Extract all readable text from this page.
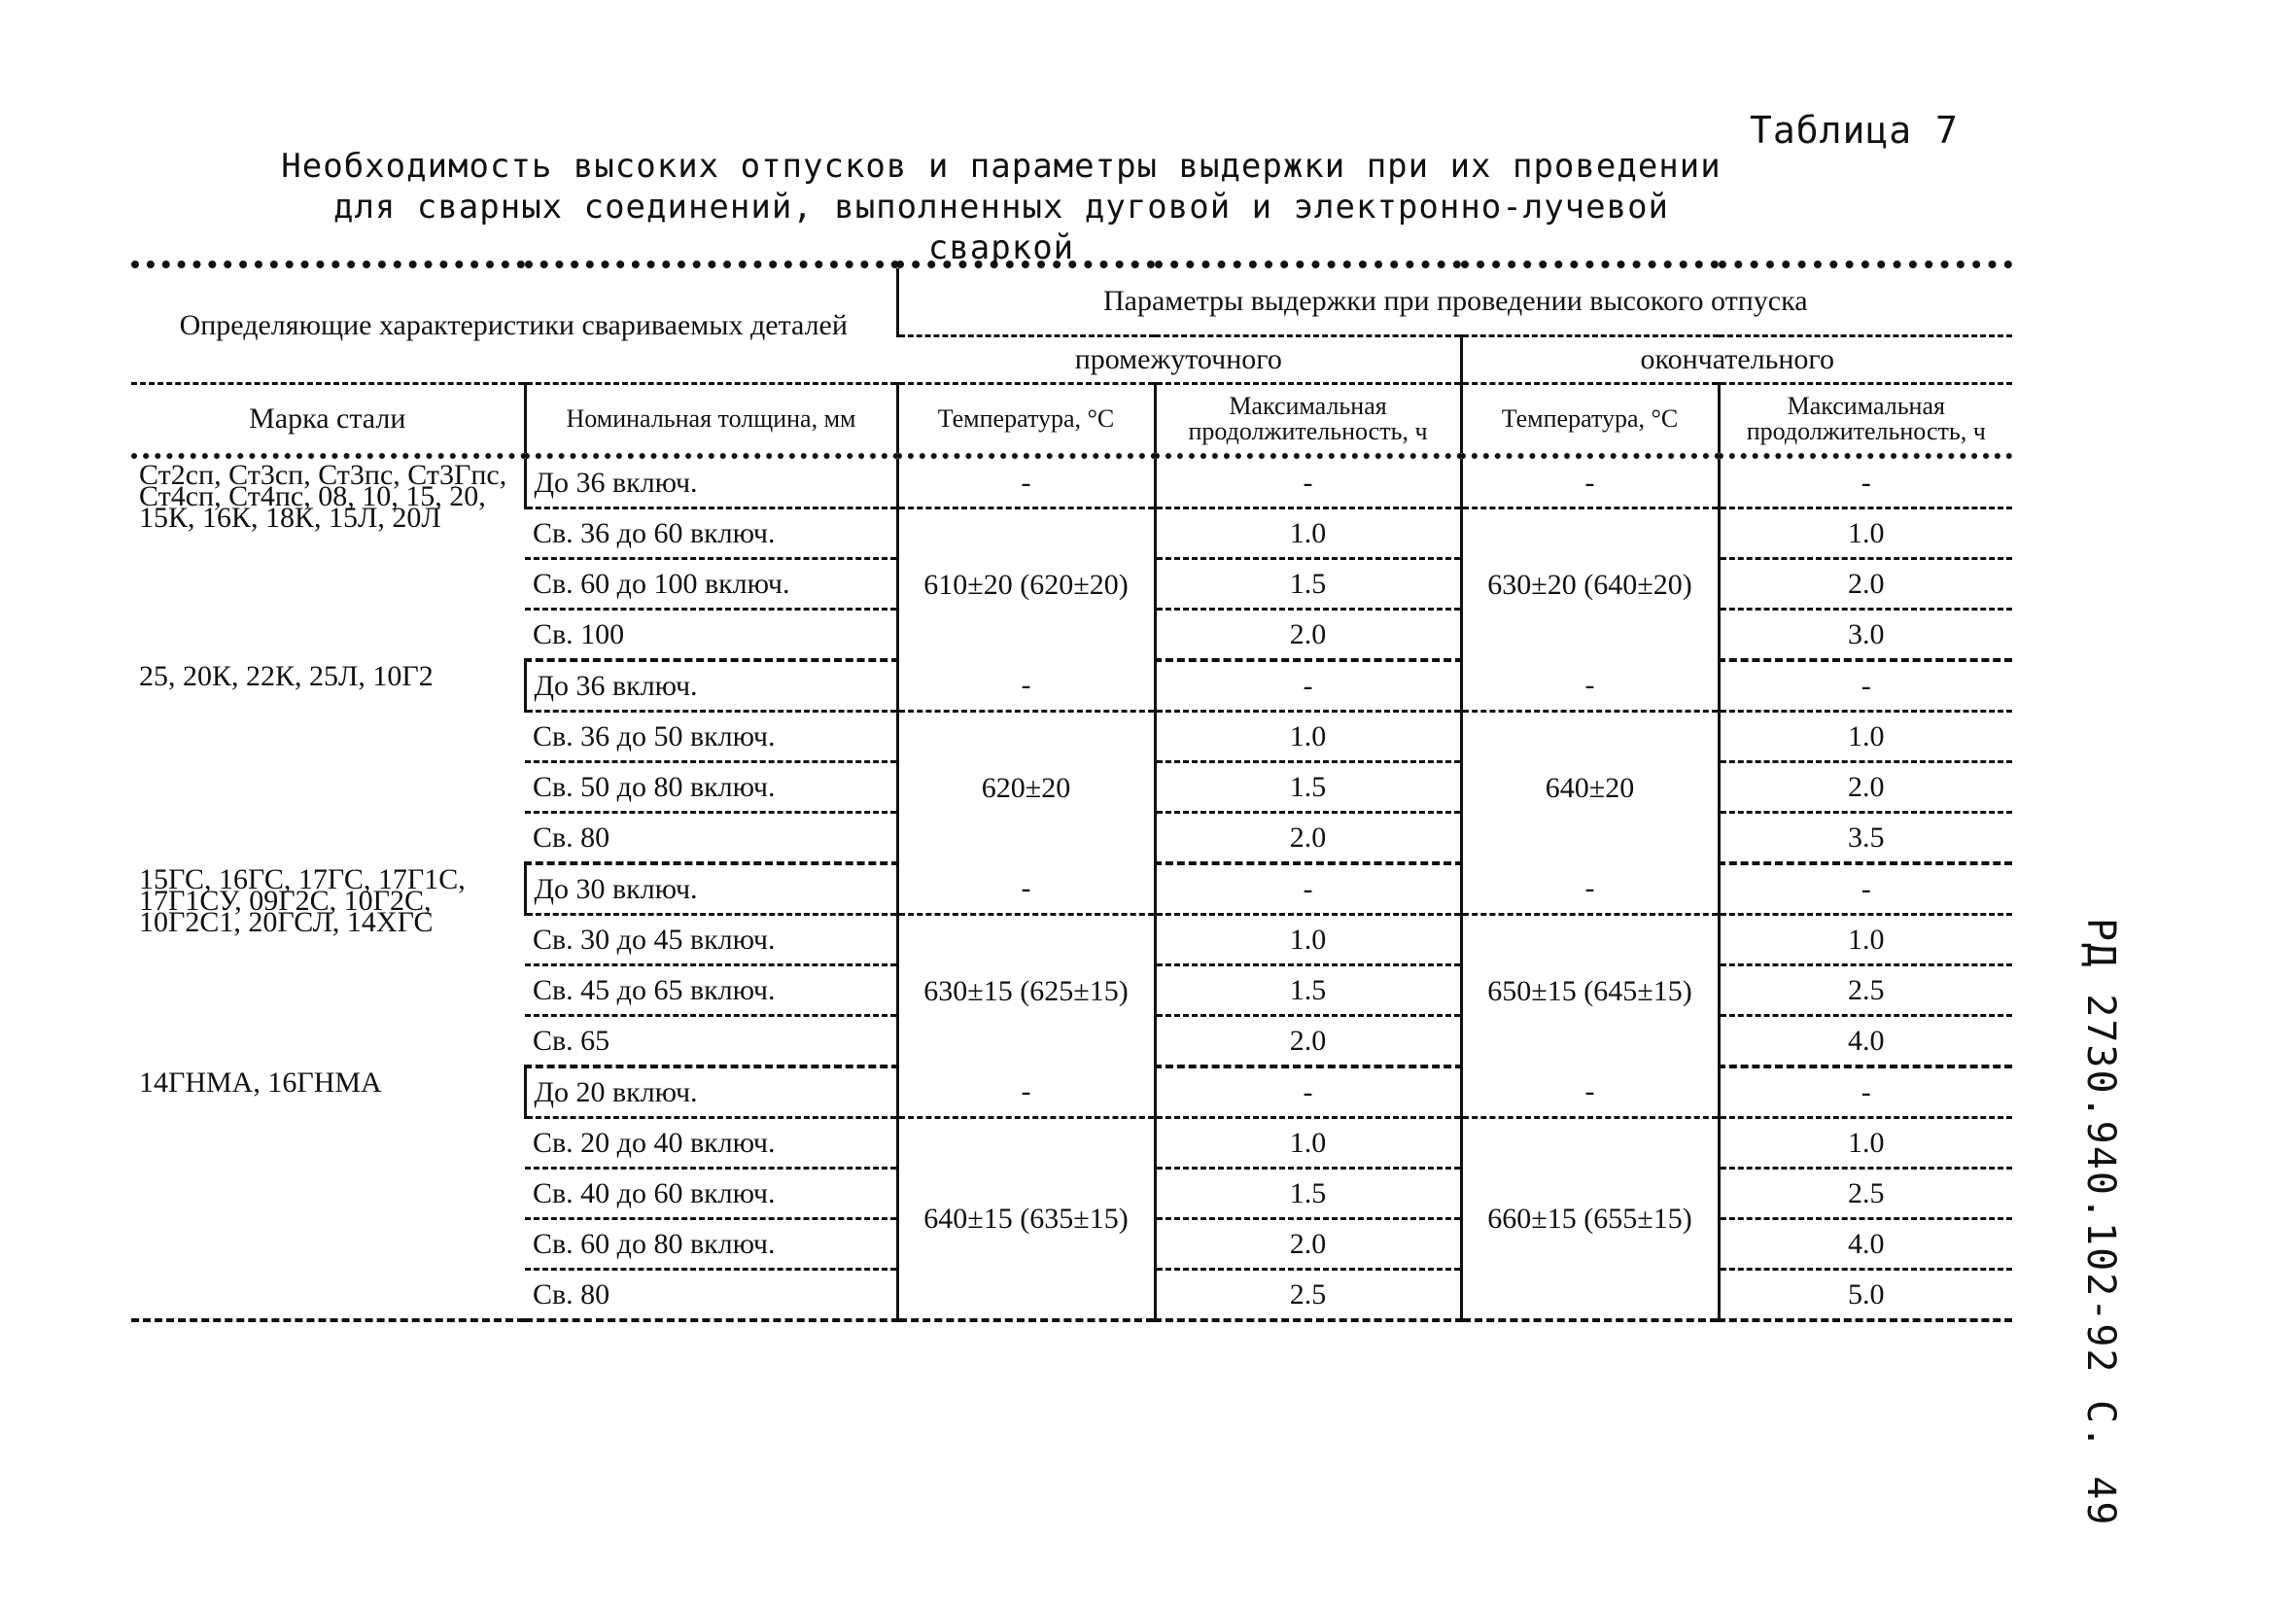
Таблица 7
Необходимость высоких отпусков и параметры выдержки при их проведении
для сварных соединений, выполненных дуговой и электронно-лучевой сваркой
РД 2730.940.102-92
С. 49
Определяющие характеристики свариваемых деталей		Параметры выдержки при проведении высокого отпуска			
		промежуточного		окончательного	
Марка стали	Номинальная толщина, мм	Температура, °С	Максимальная продолжительность, ч	Температура, °С	Максимальная продолжительность, ч
Ст2сп, Ст3сп, Ст3пс, Ст3Гпс, Ст4сп, Ст4пс, 08, 10, 15, 20, 15К, 16К, 18К, 15Л, 20Л	До 36 включ.	-	-	-	-
	Св. 36 до 60 включ.	610±20 (620±20)	1.0	630±20 (640±20)	1.0
	Св. 60 до 100 включ.		1.5		2.0
	Св. 100		2.0		3.0
25, 20К, 22К, 25Л, 10Г2	До 36 включ.	-	-	-	-
	Св. 36 до 50 включ.	620±20	1.0	640±20	1.0
	Св. 50 до 80 включ.		1.5		2.0
	Св. 80		2.0		3.5
15ГС, 16ГС, 17ГС, 17Г1С, 17Г1СУ, 09Г2С, 10Г2С, 10Г2С1, 20ГСЛ, 14ХГС	До 30 включ.	-	-	-	-
	Св. 30 до 45 включ.	630±15 (625±15)	1.0	650±15 (645±15)	1.0
	Св. 45 до 65 включ.		1.5		2.5
	Св. 65		2.0		4.0
14ГНМА, 16ГНМА	До 20 включ.	-	-	-	-
	Св. 20 до 40 включ.	640±15 (635±15)	1.0	660±15 (655±15)	1.0
	Св. 40 до 60 включ.		1.5		2.5
	Св. 60 до 80 включ.		2.0		4.0
	Св. 80		2.5		5.0
